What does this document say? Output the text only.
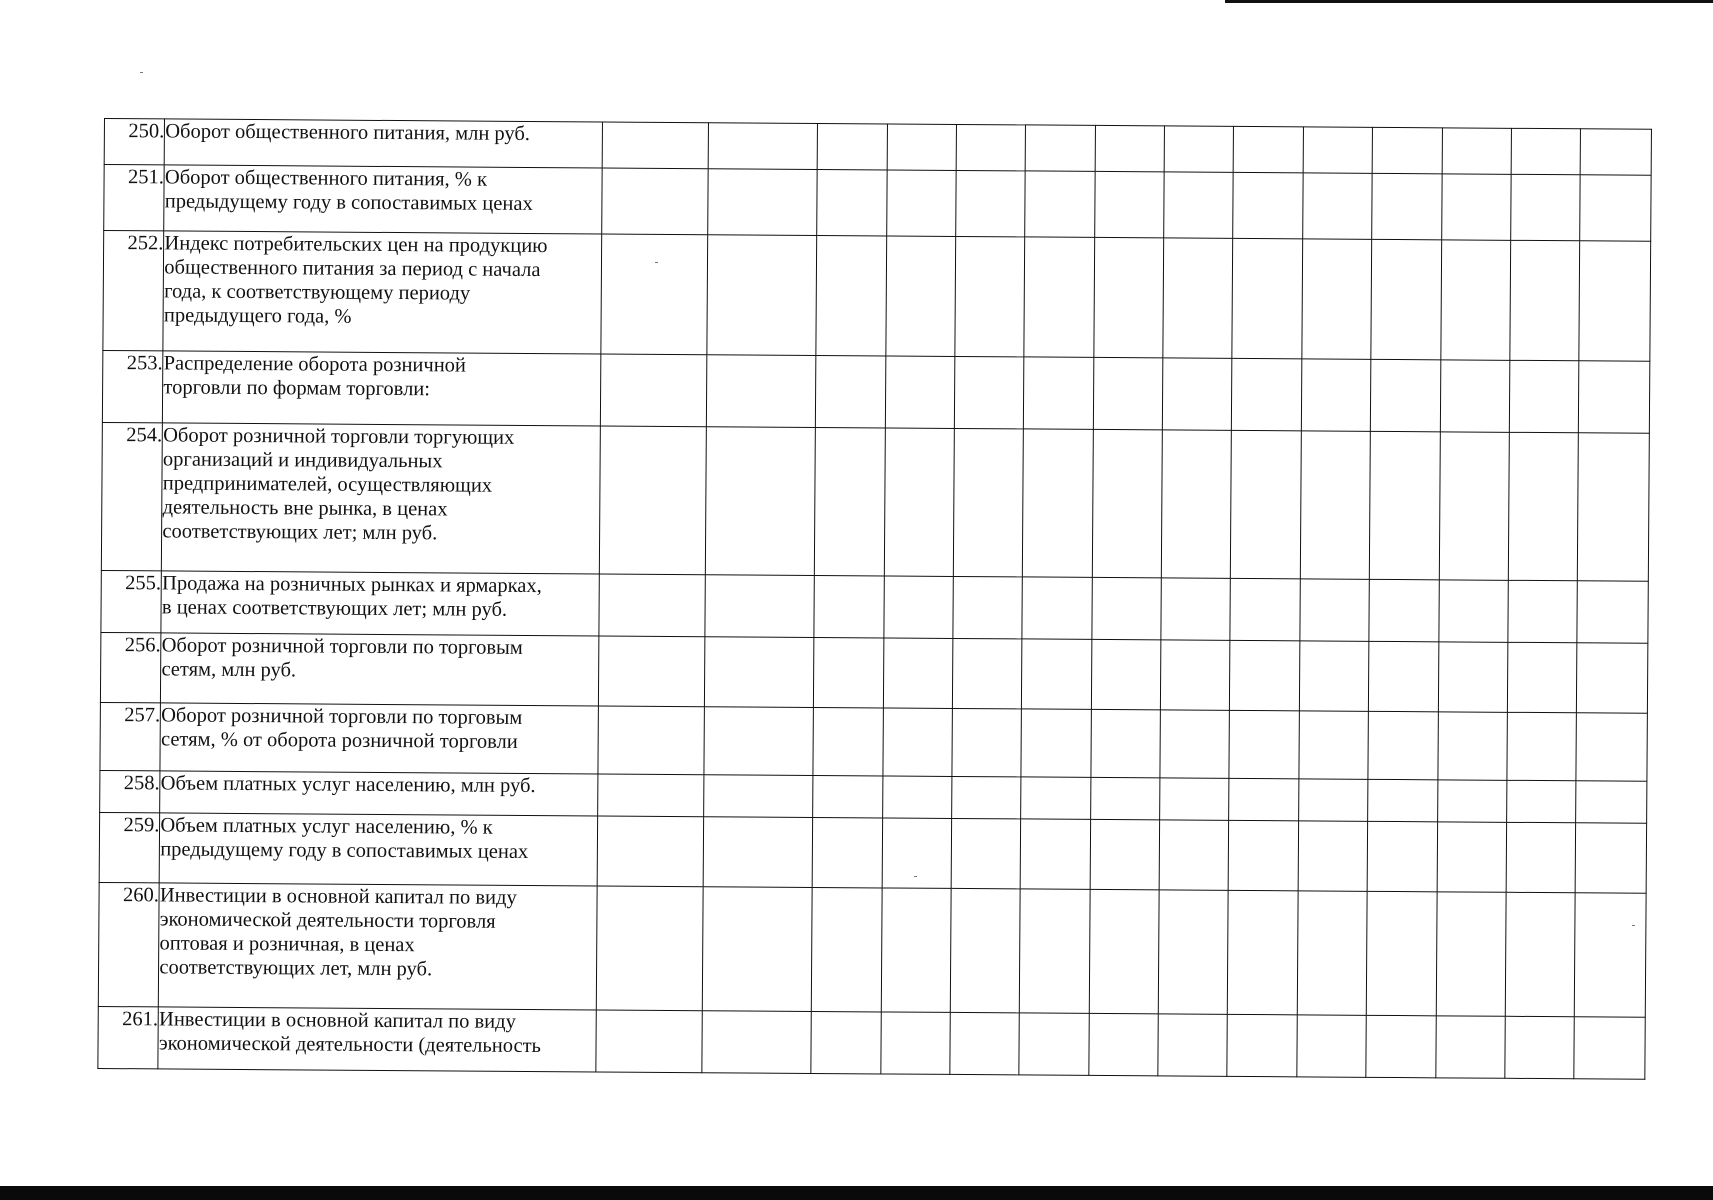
250.	Оборот общественного питания, млн руб.														

251.	Оборот общественного питания, % к
предыдущему году в сопоставимых ценах														

252.	Индекс потребительских цен на продукцию
общественного питания за период с начала
года, к соответствующему периоду
предыдущего года, %														

253.	Распределение оборота розничной
торговли по формам торговли:														

254.	Оборот розничной торговли торгующих
организаций и индивидуальных
предпринимателей, осуществляющих
деятельность вне рынка, в ценах
соответствующих лет; млн руб.														

255.	Продажа на розничных рынках и ярмарках,
в ценах соответствующих лет; млн руб.														

256.	Оборот розничной торговли по торговым
сетям, млн руб.														

257.	Оборот розничной торговли по торговым
сетям, % от оборота розничной торговли														

258.	Объем платных услуг населению, млн руб.														

259.	Объем платных услуг населению, % к
предыдущему году в сопоставимых ценах														

260.	Инвестиции в основной капитал по виду
экономической деятельности торговля
оптовая и розничная, в ценах
соответствующих лет, млн руб.														

261.	Инвестиции в основной капитал по виду
экономической деятельности (деятельность														
